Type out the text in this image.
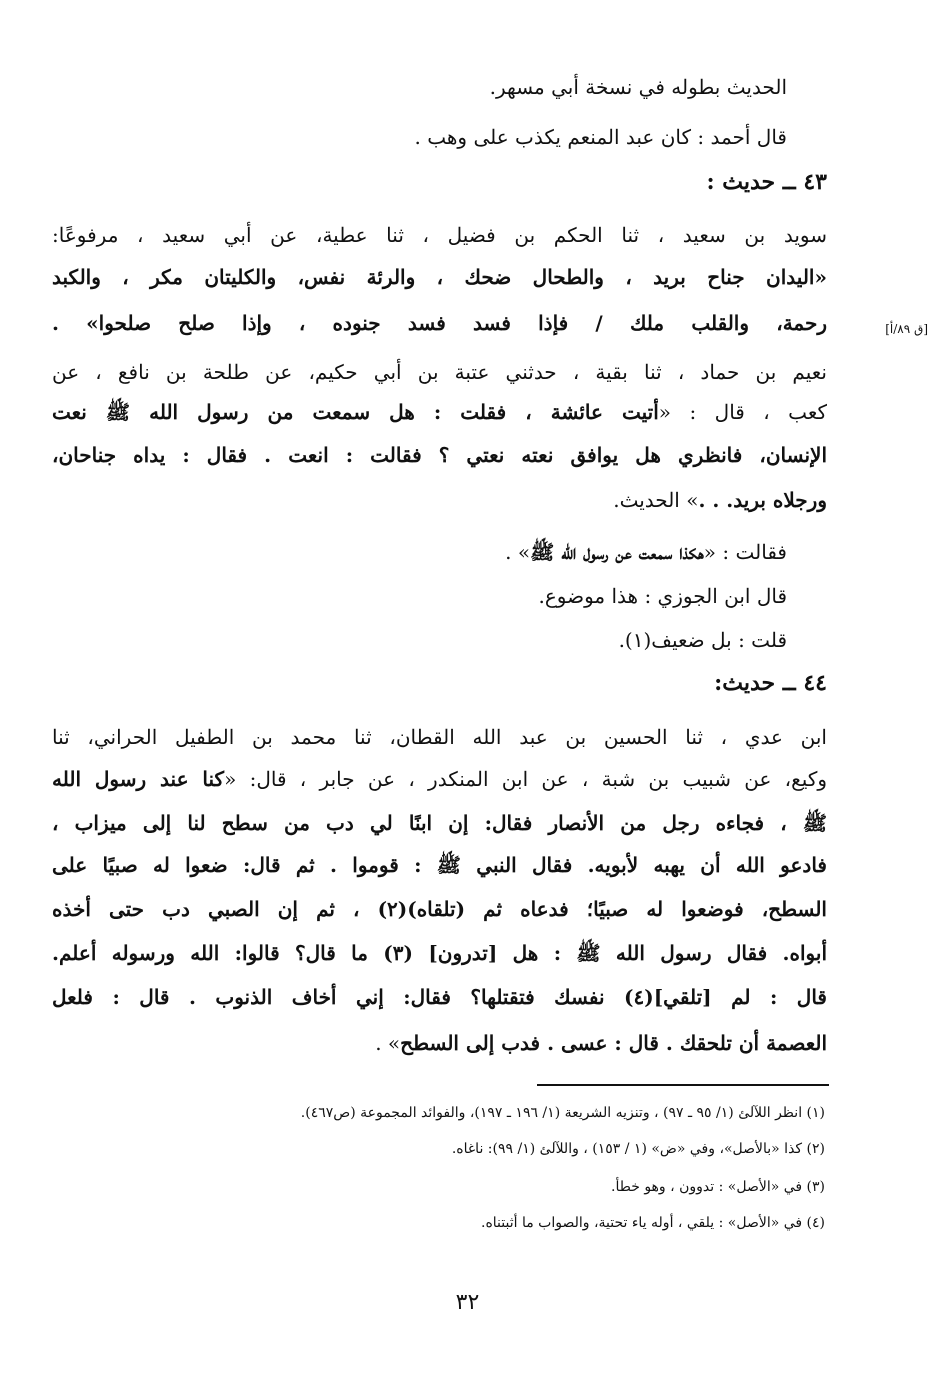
الحديث بطوله في نسخة أبي مسهر.
قال أحمد : كان عبد المنعم يكذب على وهب .
٤٣ ــ حديث :
سويد بن سعيد ، ثنا الحكم بن فضيل ، ثنا عطية، عن أبي سعيد ، مرفوعًا:
«اليدان جناح بريد ، والطحال ضحك ، والرئة نفس، والكليتان مكر ، والكبد
رحمة، والقلب ملك / فإذا فسد فسد جنوده ، وإذا صلح صلحوا» .
نعيم بن حماد ، ثنا بقية ، حدثني عتبة بن أبي حكيم، عن طلحة بن نافع ، عن
كعب ، قال : «أتيت عائشة ، فقلت : هل سمعت من رسول الله ﷺ نعت
الإنسان، فانظري هل يوافق نعته نعتي ؟ فقالت : انعت . فقال : يداه جناحان،
ورجلاه بريد. . .» الحديث.
فقالت : «هكذا سمعت عن رسول الله ﷺ» .
قال ابن الجوزي : هذا موضوع.
قلت : بل ضعيف(١).
٤٤ ــ حديث:
ابن عدي ، ثنا الحسين بن عبد الله القطان، ثنا محمد بن الطفيل الحراني، ثنا
وكيع، عن شبيب بن شبة ، عن ابن المنكدر ، عن جابر ، قال: «كنا عند رسول الله
ﷺ ، فجاءه رجل من الأنصار فقال: إن ابنًا لي دب من سطح لنا إلى ميزاب ،
فادعو الله أن يهبه لأبويه. فقال النبي ﷺ : قوموا . ثم قال: ضعوا له صبيًا على
السطح، فوضعوا له صبيًا؛ فدعاه ثم (تلقاه)(٢) ، ثم إن الصبي دب حتى أخذه
أبواه. فقال رسول الله ﷺ : هل [تدرون] (٣) ما قال؟ قالوا: الله ورسوله أعلم.
قال : لم [تلقي](٤) نفسك فتقتلها؟ فقال: إني أخاف الذنوب . قال : فلعل
العصمة أن تلحقك . قال : عسى . فدب إلى السطح» .
[ق ٨٩/أ]
(١) انظر اللآلئ (١/ ٩٥ ـ ٩٧) ، وتنزيه الشريعة (١/ ١٩٦ ـ ١٩٧)، والفوائد المجموعة (ص٤٦٧).
(٢) كذا «بالأصل»، وفي «ض» (١ / ١٥٣) ، واللآلئ (١/ ٩٩): ناغاه.
(٣) في «الأصل» : تدوون ، وهو خطأ.
(٤) في «الأصل» : يلقي ، أوله ياء تحتية، والصواب ما أثبتناه.
٣٢
